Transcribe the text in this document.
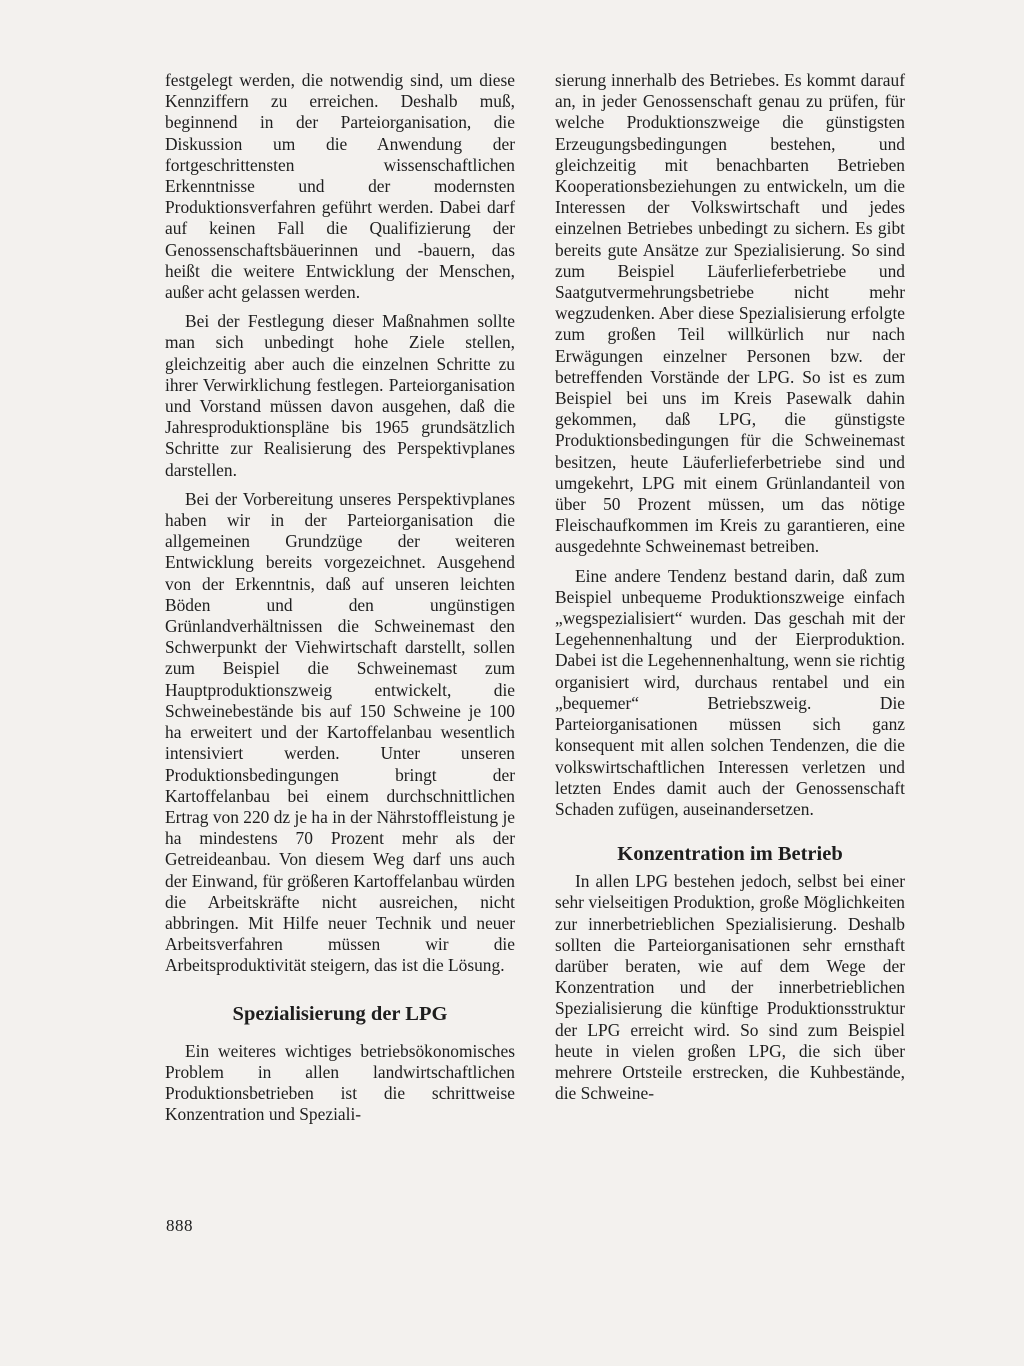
festgelegt werden, die notwendig sind, um diese Kennziffern zu erreichen. Deshalb muß, beginnend in der Parteiorganisation, die Diskussion um die Anwendung der fortgeschrittensten wissenschaftlichen Erkenntnisse und der modernsten Produktionsverfahren geführt werden. Dabei darf auf keinen Fall die Qualifizierung der Genossenschaftsbäuerinnen und -bauern, das heißt die weitere Entwicklung der Menschen, außer acht gelassen werden.

Bei der Festlegung dieser Maßnahmen sollte man sich unbedingt hohe Ziele stellen, gleichzeitig aber auch die einzelnen Schritte zu ihrer Verwirklichung festlegen. Parteiorganisation und Vorstand müssen davon ausgehen, daß die Jahresproduktionspläne bis 1965 grundsätzlich Schritte zur Realisierung des Perspektivplanes darstellen.

Bei der Vorbereitung unseres Perspektivplanes haben wir in der Parteiorganisation die allgemeinen Grundzüge der weiteren Entwicklung bereits vorgezeichnet. Ausgehend von der Erkenntnis, daß auf unseren leichten Böden und den ungünstigen Grünlandverhältnissen die Schweinemast den Schwerpunkt der Viehwirtschaft darstellt, sollen zum Beispiel die Schweinemast zum Hauptproduktionszweig entwickelt, die Schweinebestände bis auf 150 Schweine je 100 ha erweitert und der Kartoffelanbau wesentlich intensiviert werden. Unter unseren Produktionsbedingungen bringt der Kartoffelanbau bei einem durchschnittlichen Ertrag von 220 dz je ha in der Nährstoffleistung je ha mindestens 70 Prozent mehr als der Getreideanbau. Von diesem Weg darf uns auch der Einwand, für größeren Kartoffelanbau würden die Arbeitskräfte nicht ausreichen, nicht abbringen. Mit Hilfe neuer Technik und neuer Arbeitsverfahren müssen wir die Arbeitsproduktivität steigern, das ist die Lösung.

Spezialisierung der LPG

Ein weiteres wichtiges betriebsökonomisches Problem in allen landwirtschaftlichen Produktionsbetrieben ist die schrittweise Konzentration und Speziali-

sierung innerhalb des Betriebes. Es kommt darauf an, in jeder Genossenschaft genau zu prüfen, für welche Produktionszweige die günstigsten Erzeugungsbedingungen bestehen, und gleichzeitig mit benachbarten Betrieben Kooperationsbeziehungen zu entwickeln, um die Interessen der Volkswirtschaft und jedes einzelnen Betriebes unbedingt zu sichern. Es gibt bereits gute Ansätze zur Spezialisierung. So sind zum Beispiel Läuferlieferbetriebe und Saatgutvermehrungsbetriebe nicht mehr wegzudenken. Aber diese Spezialisierung erfolgte zum großen Teil willkürlich nur nach Erwägungen einzelner Personen bzw. der betreffenden Vorstände der LPG. So ist es zum Beispiel bei uns im Kreis Pasewalk dahin gekommen, daß LPG, die günstigste Produktionsbedingungen für die Schweinemast besitzen, heute Läuferlieferbetriebe sind und umgekehrt, LPG mit einem Grünlandanteil von über 50 Prozent müssen, um das nötige Fleischaufkommen im Kreis zu garantieren, eine ausgedehnte Schweinemast betreiben.

Eine andere Tendenz bestand darin, daß zum Beispiel unbequeme Produktionszweige einfach „wegspezialisiert“ wurden. Das geschah mit der Legehennenhaltung und der Eierproduktion. Dabei ist die Legehennenhaltung, wenn sie richtig organisiert wird, durchaus rentabel und ein „bequemer“ Betriebszweig. Die Parteiorganisationen müssen sich ganz konsequent mit allen solchen Tendenzen, die die volkswirtschaftlichen Interessen verletzen und letzten Endes damit auch der Genossenschaft Schaden zufügen, auseinandersetzen.

Konzentration im Betrieb

In allen LPG bestehen jedoch, selbst bei einer sehr vielseitigen Produktion, große Möglichkeiten zur innerbetrieblichen Spezialisierung. Deshalb sollten die Parteiorganisationen sehr ernsthaft darüber beraten, wie auf dem Wege der Konzentration und der innerbetrieblichen Spezialisierung die künftige Produktionsstruktur der LPG erreicht wird. So sind zum Beispiel heute in vielen großen LPG, die sich über mehrere Ortsteile erstrecken, die Kuhbestände, die Schweine-

888
